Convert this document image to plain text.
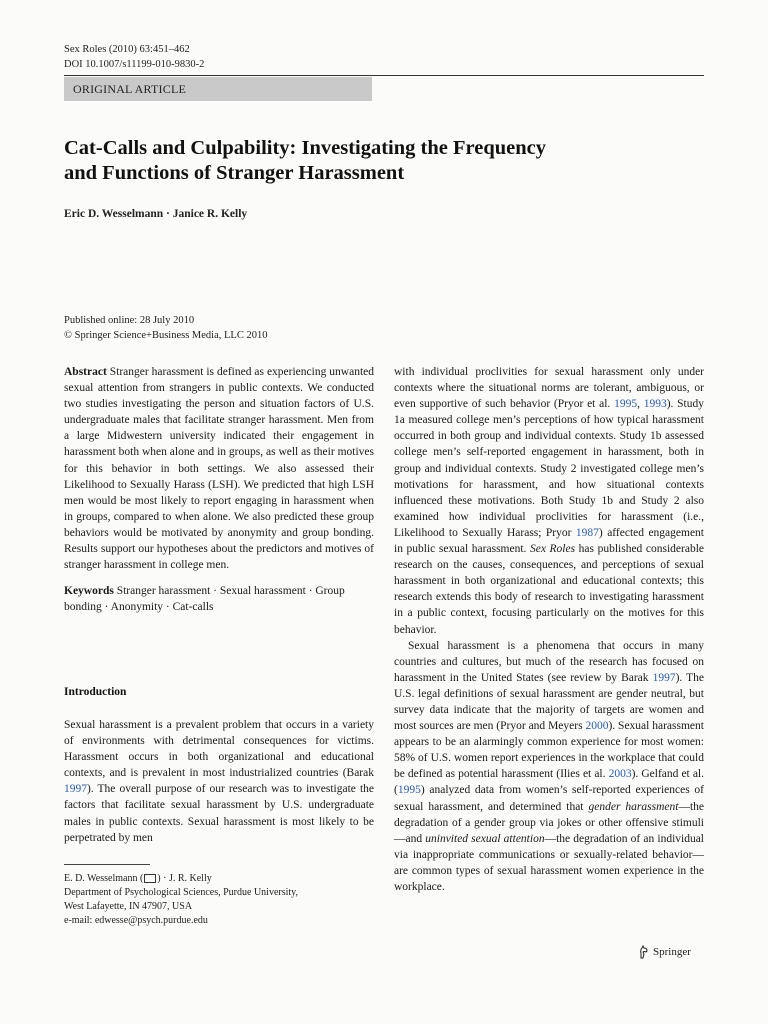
Sex Roles (2010) 63:451–462
DOI 10.1007/s11199-010-9830-2
ORIGINAL ARTICLE
Cat-Calls and Culpability: Investigating the Frequency
and Functions of Stranger Harassment
Eric D. Wesselmann · Janice R. Kelly
Published online: 28 July 2010
© Springer Science+Business Media, LLC 2010

Abstract Stranger harassment is defined as experiencing unwanted sexual attention from strangers in public contexts. We conducted two studies investigating the person and situation factors of U.S. undergraduate males that facilitate stranger harassment. Men from a large Midwestern university indicated their engagement in harassment both when alone and in groups, as well as their motives for this behavior in both settings. We also assessed their Likelihood to Sexually Harass (LSH). We predicted that high LSH men would be most likely to report engaging in harassment when in groups, compared to when alone. We also predicted these group behaviors would be motivated by anonymity and group bonding. Results support our hypotheses about the predictors and motives of stranger harassment in college men.

Keywords Stranger harassment · Sexual harassment · Group bonding · Anonymity · Cat-calls

Introduction

Sexual harassment is a prevalent problem that occurs in a variety of environments with detrimental consequences for victims. Harassment occurs in both organizational and educational contexts, and is prevalent in most industrialized countries (Barak 1997). The overall purpose of our research was to investigate the factors that facilitate sexual harassment by U.S. undergraduate males in public contexts. Sexual harassment is most likely to be perpetrated by men

E. D. Wesselmann ( ) · J. R. Kelly
Department of Psychological Sciences, Purdue University,
West Lafayette, IN 47907, USA
e-mail: edwesse@psych.purdue.edu

with individual proclivities for sexual harassment only under contexts where the situational norms are tolerant, ambiguous, or even supportive of such behavior (Pryor et al. 1995, 1993). Study 1a measured college men’s perceptions of how typical harassment occurred in both group and individual contexts. Study 1b assessed college men’s self-reported engagement in harassment, both in group and individual contexts. Study 2 investigated college men’s motivations for harassment, and how situational contexts influenced these motivations. Both Study 1b and Study 2 also examined how individual proclivities for harassment (i.e., Likelihood to Sexually Harass; Pryor 1987) affected engagement in public sexual harassment. Sex Roles has published considerable research on the causes, consequences, and perceptions of sexual harassment in both organizational and educational contexts; this research extends this body of research to investigating harassment in a public context, focusing particularly on the motives for this behavior.

Sexual harassment is a phenomena that occurs in many countries and cultures, but much of the research has focused on harassment in the United States (see review by Barak 1997). The U.S. legal definitions of sexual harassment are gender neutral, but survey data indicate that the majority of targets are women and most sources are men (Pryor and Meyers 2000). Sexual harassment appears to be an alarmingly common experience for most women: 58% of U.S. women report experiences in the workplace that could be defined as potential harassment (Ilies et al. 2003). Gelfand et al. (1995) analyzed data from women’s self-reported experiences of sexual harassment, and determined that gender harassment—the degradation of a gender group via jokes or other offensive stimuli—and uninvited sexual attention—the degradation of an individual via inappropriate communications or sexually-related behavior—are common types of sexual harassment women experience in the workplace.

Springer
